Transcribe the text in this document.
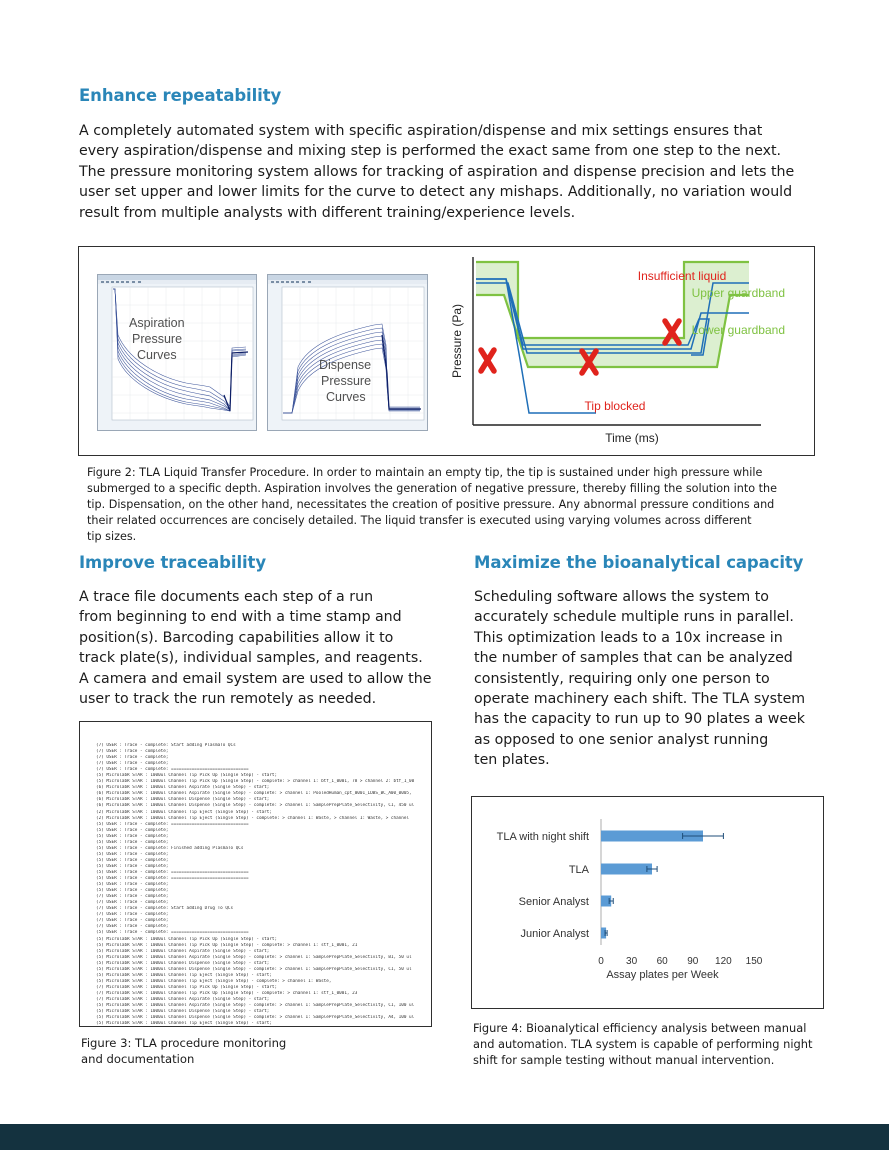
Enhance repeatability
A completely automated system with specific aspiration/dispense and mix settings ensures that
every aspiration/dispense and mixing step is performed the exact same from one step to the next.
The pressure monitoring system allows for tracking of aspiration and dispense precision and lets the
user set upper and lower limits for the curve to detect any mishaps. Additionally, no variation would
result from multiple analysts with different training/experience levels.
Aspiration
Pressure
Curves
Dispense
Pressure
Curves
Pressure (Pa)
Time (ms)
Insufficient liquid
Upper guardband
Lower guardband
Tip blocked
Figure 2: TLA Liquid Transfer Procedure. In order to maintain an empty tip, the tip is sustained under high pressure while
submerged to a specific depth. Aspiration involves the generation of negative pressure, thereby filling the solution into the
tip. Dispensation, on the other hand, necessitates the creation of positive pressure. Any abnormal pressure conditions and
their related occurrences are concisely detailed. The liquid transfer is executed using varying volumes across different
tip sizes.
Improve traceability
A trace file documents each step of a run
from beginning to end with a time stamp and
position(s). Barcoding capabilities allow it to
track plate(s), individual samples, and reagents.
A camera and email system are used to allow the
user to track the run remotely as needed.
(7) USER : Trace - complete: Start adding PlasmaTo QCs
(7) USER : Trace - complete;
(7) USER : Trace - complete;
(7) USER : Trace - complete;
(7) USER : Trace - complete: ==============================
(5) MicrolabR STAR : 1000ul Channel Tip Pick Up (Single Step) - start;
(5) MicrolabR STAR : 1000ul Channel Tip Pick Up (Single Step) - complete: > channel 1: btf_1_0001, 78 > channel 2: btf_1_00
(6) MicrolabR STAR : 1000ul Channel Aspirate (Single Step) - start;
(6) MicrolabR STAR : 1000ul Channel Aspirate (Single Step) - complete: > channel 1: PooledHuman_cpt_0001_LDBS_BC_A00_0005,
(6) MicrolabR STAR : 1000ul Channel Dispense (Single Step) - start;
(6) MicrolabR STAR : 1000ul Channel Dispense (Single Step) - complete: > channel 1: SamplePrepPlate_Selectivity, C1, 450 ul
(2) MicrolabR STAR : 1000ul Channel Tip Eject (Single Step) - start;
(2) MicrolabR STAR : 1000ul Channel Tip Eject (Single Step) - complete: > channel 1: Waste, > channel 1: Waste, > channel
(5) USER : Trace - complete: ==============================
(5) USER : Trace - complete;
(5) USER : Trace - complete;
(5) USER : Trace - complete;
(5) USER : Trace - complete: Finished adding PlasmaTo QCs
(5) USER : Trace - complete;
(5) USER : Trace - complete;
(5) USER : Trace - complete;
(5) USER : Trace - complete: ==============================
(5) USER : Trace - complete: ==============================
(5) USER : Trace - complete;
(5) USER : Trace - complete;
(7) USER : Trace - complete;
(7) USER : Trace - complete;
(7) USER : Trace - complete: Start adding Drug To QCs
(7) USER : Trace - complete;
(7) USER : Trace - complete;
(7) USER : Trace - complete;
(5) USER : Trace - complete: ==============================
(5) MicrolabR STAR : 1000ul Channel Tip Pick Up (Single Step) - start;
(5) MicrolabR STAR : 1000ul Channel Tip Pick Up (Single Step) - complete: > channel 1: stf_1_0001, 21
(5) MicrolabR STAR : 1000ul Channel Aspirate (Single Step) - start;
(5) MicrolabR STAR : 1000ul Channel Aspirate (Single Step) - complete: > channel 1: SamplePrepPlate_Selectivity, B1, 50 ul
(5) MicrolabR STAR : 1000ul Channel Dispense (Single Step) - start;
(5) MicrolabR STAR : 1000ul Channel Dispense (Single Step) - complete: > channel 1: SamplePrepPlate_Selectivity, C1, 50 ul
(5) MicrolabR STAR : 1000ul Channel Tip Eject (Single Step) - start;
(5) MicrolabR STAR : 1000ul Channel Tip Eject (Single Step) - complete: > channel 1: Waste,
(7) MicrolabR STAR : 1000ul Channel Tip Pick Up (Single Step) - start;
(7) MicrolabR STAR : 1000ul Channel Tip Pick Up (Single Step) - complete: > channel 1: stf_1_0001, 23
(7) MicrolabR STAR : 1000ul Channel Aspirate (Single Step) - start;
(5) MicrolabR STAR : 1000ul Channel Aspirate (Single Step) - complete: > channel 1: SamplePrepPlate_Selectivity, C1, 100 ul
(5) MicrolabR STAR : 1000ul Channel Dispense (Single Step) - start;
(5) MicrolabR STAR : 1000ul Channel Dispense (Single Step) - complete: > channel 1: SamplePrepPlate_Selectivity, A4, 100 ul
(5) MicrolabR STAR : 1000ul Channel Tip Eject (Single Step) - start;
Figure 3: TLA procedure monitoring
and documentation
Maximize the bioanalytical capacity
Scheduling software allows the system to
accurately schedule multiple runs in parallel.
This optimization leads to a 10x increase in
the number of samples that can be analyzed
consistently, requiring only one person to
operate machinery each shift. The TLA system
has the capacity to run up to 90 plates a week
as opposed to one senior analyst running
ten plates.
TLA with night shift
TLA
Senior Analyst
Junior Analyst
0 30 60 90 120 150
Assay plates per Week
Figure 4: Bioanalytical efficiency analysis between manual
and automation. TLA system is capable of performing night
shift for sample testing without manual intervention.
